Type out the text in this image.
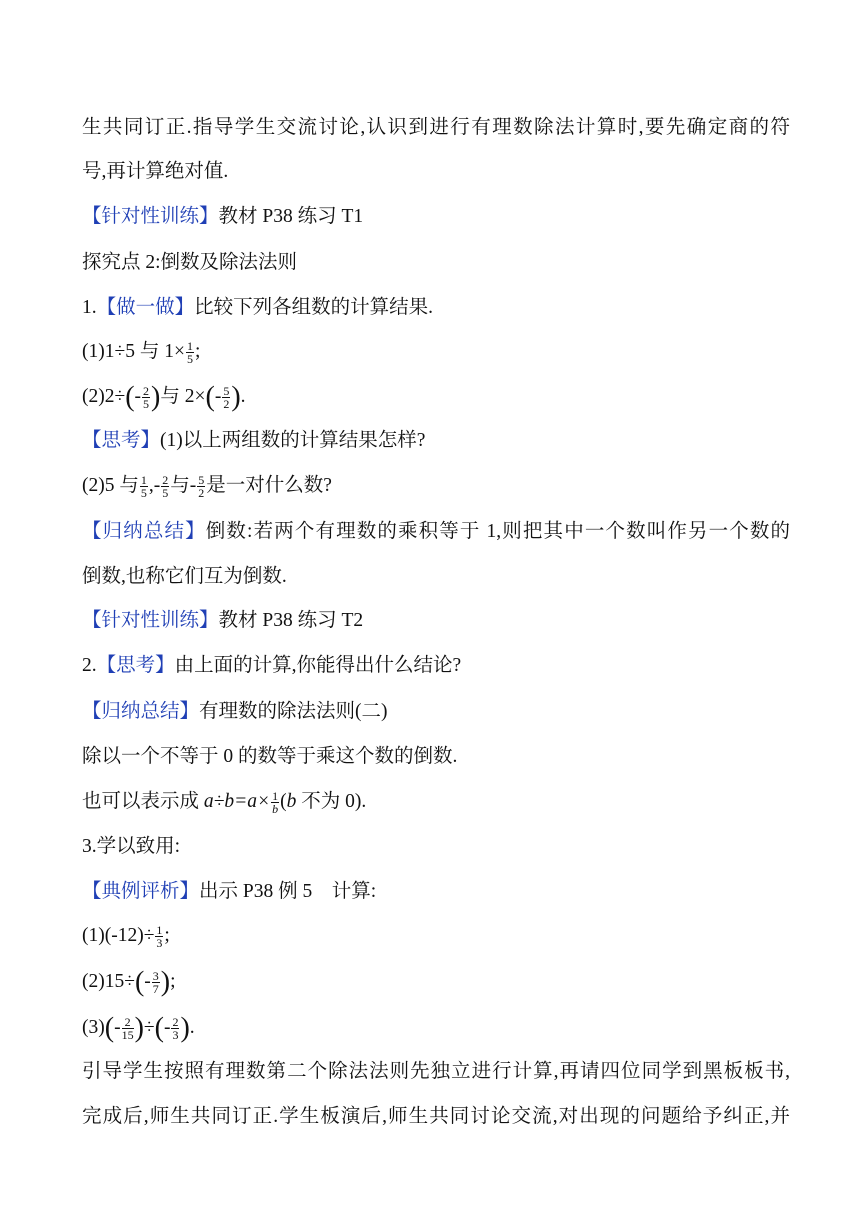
生共同订正.指导学生交流讨论,认识到进行有理数除法计算时,要先确定商的符
号,再计算绝对值.
【针对性训练】教材 P38 练习 T1
探究点 2:倒数及除法法则
1.【做一做】比较下列各组数的计算结果.
(1)1÷5 与 $1\times \frac{1}{5}$ ;
$(2)2\div(- \frac{2}{5}$ )与 $2\times(- \frac{5}{2}$ ).
【思考】(1)以上两组数的计算结果怎样?
(2)5 与 $\frac{1}{5}$ ,- $\frac{2}{5}$ 与- $\frac{5}{2}$ 是一对什么数?
【归纳总结】倒数:若两个有理数的乘积等于 1,则把其中一个数叫作另一个数的
倒数,也称它们互为倒数.
【针对性训练】教材 P38 练习 T2
2.【思考】由上面的计算,你能得出什么结论?
【归纳总结】有理数的除法法则(二)
除以一个不等于 0 的数等于乘这个数的倒数.
也可以表示成 $a\div b=a\times \frac{1}{b} (b$ 不为 0).
3.学以致用:
【典例评析】出示 P38 例 5　计算:
$(1)(-12)\div \frac{1}{3}$ ;
$(2)15\div(- \frac{3}{7}$ );
$(3)(- \frac{2}{15}$ )÷(- $\frac{2}{3}$ ).
引导学生按照有理数第二个除法法则先独立进行计算,再请四位同学到黑板板书,
完成后,师生共同订正.学生板演后,师生共同讨论交流,对出现的问题给予纠正,并
